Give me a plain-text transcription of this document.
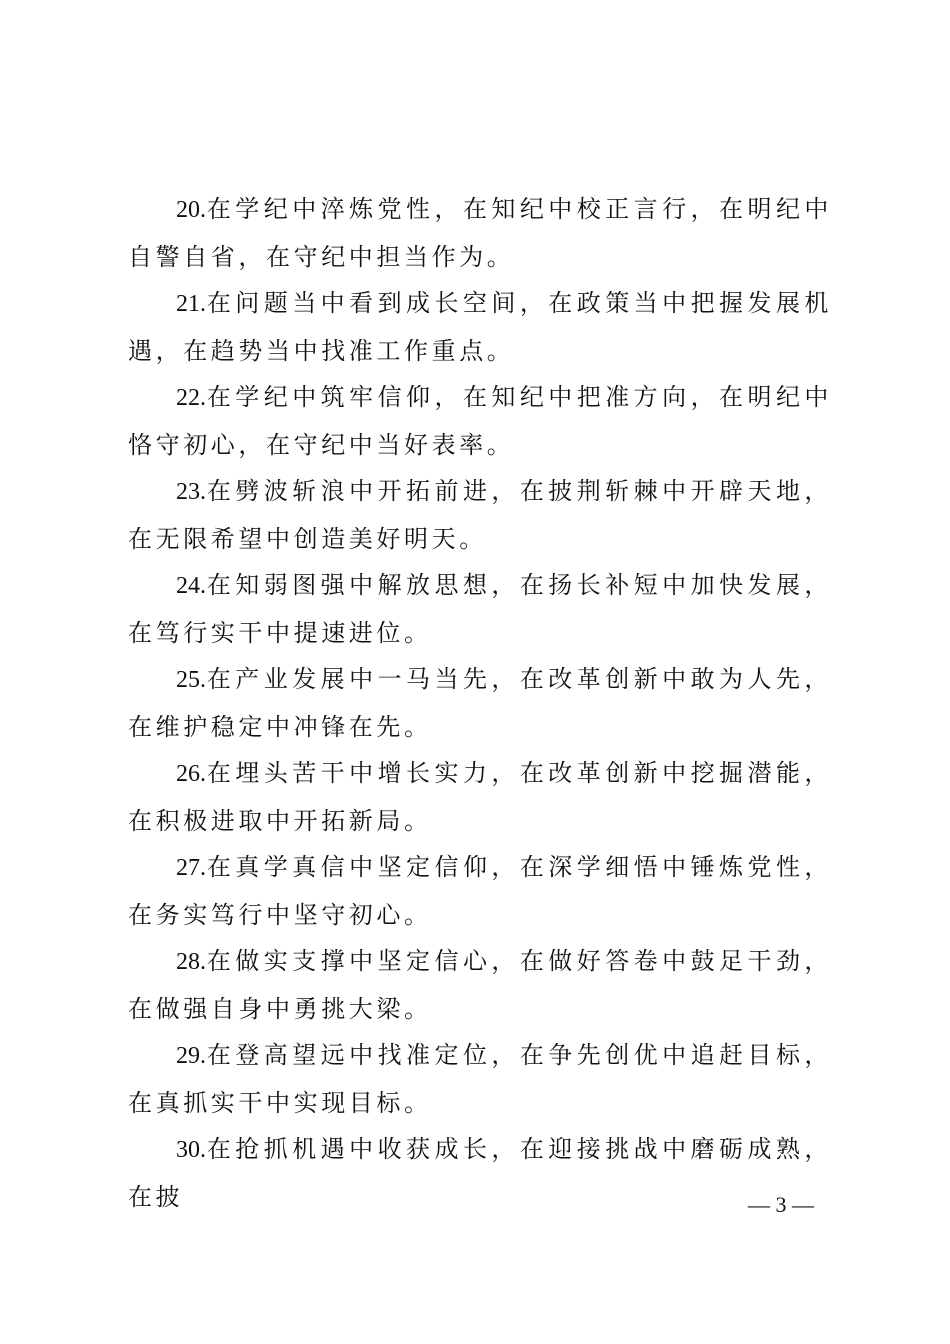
20.在学纪中淬炼党性，在知纪中校正言行，在明纪中自警自省，在守纪中担当作为。

21.在问题当中看到成长空间，在政策当中把握发展机遇，在趋势当中找准工作重点。

22.在学纪中筑牢信仰，在知纪中把准方向，在明纪中恪守初心，在守纪中当好表率。

23.在劈波斩浪中开拓前进，在披荆斩棘中开辟天地，在无限希望中创造美好明天。

24.在知弱图强中解放思想，在扬长补短中加快发展，在笃行实干中提速进位。

25.在产业发展中一马当先，在改革创新中敢为人先，在维护稳定中冲锋在先。

26.在埋头苦干中增长实力，在改革创新中挖掘潜能，在积极进取中开拓新局。

27.在真学真信中坚定信仰，在深学细悟中锤炼党性，在务实笃行中坚守初心。

28.在做实支撑中坚定信心，在做好答卷中鼓足干劲，在做强自身中勇挑大梁。

29.在登高望远中找准定位，在争先创优中追赶目标，在真抓实干中实现目标。

30.在抢抓机遇中收获成长，在迎接挑战中磨砺成熟，在披	— 3 —
